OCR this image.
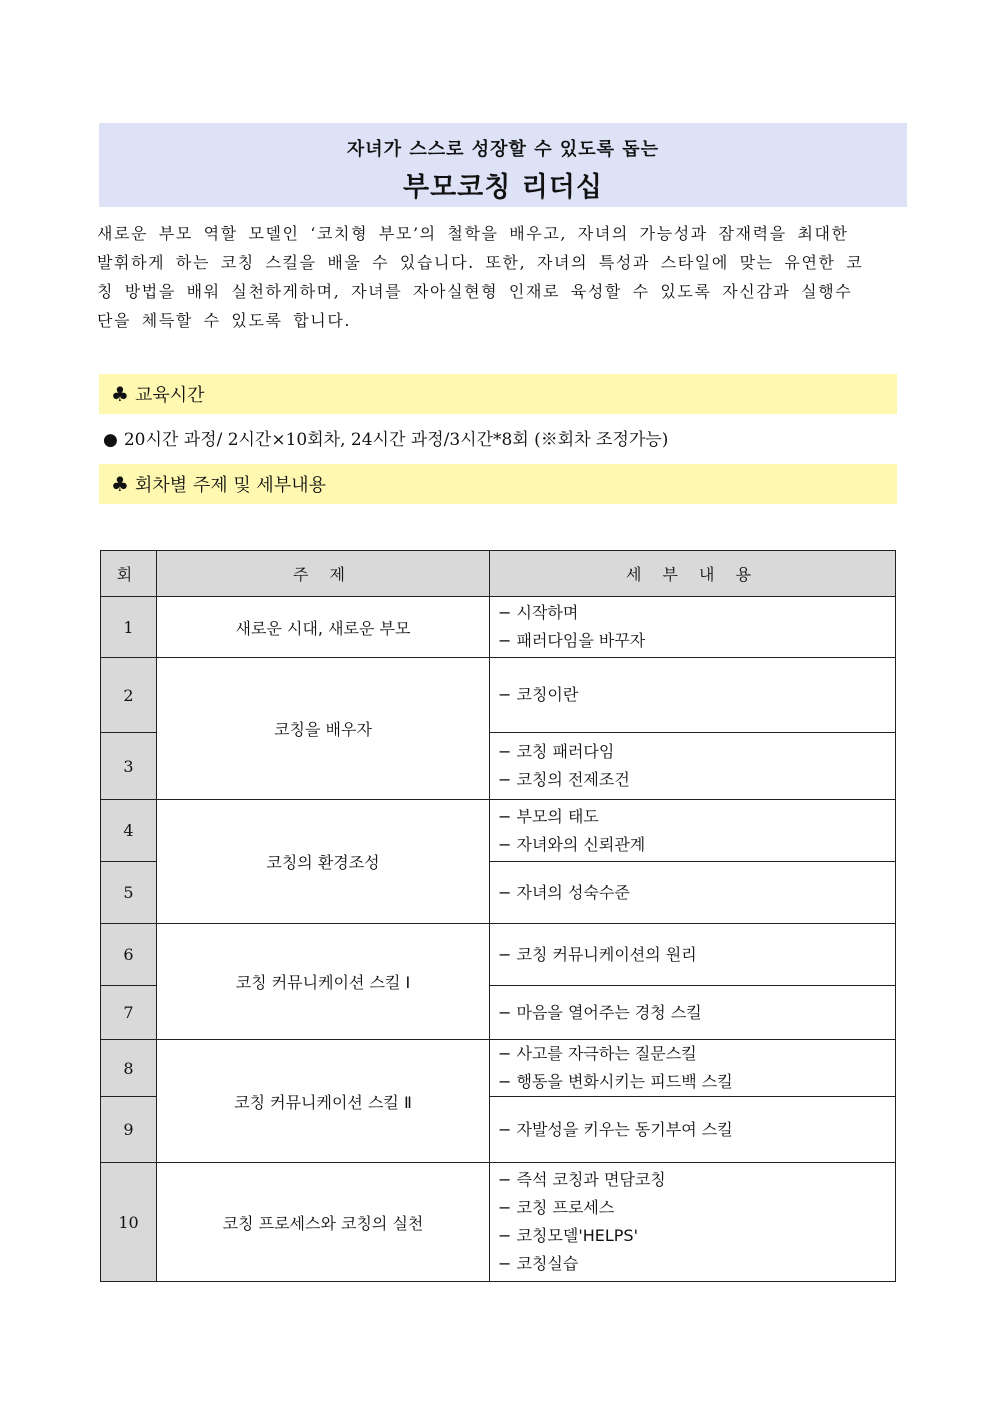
자녀가 스스로 성장할 수 있도록 돕는
부모코칭 리더십
새로운 부모 역할 모델인 ‘코치형 부모’의 철학을 배우고, 자녀의 가능성과 잠재력을 최대한
발휘하게 하는 코칭 스킬을 배울 수 있습니다. 또한, 자녀의 특성과 스타일에 맞는 유연한 코
칭 방법을 배워 실천하게하며, 자녀를 자아실현형 인재로 육성할 수 있도록 자신감과 실행수
단을 체득할 수 있도록 합니다.
♣ 교육시간
● 20시간 과정/ 2시간×10회차, 24시간 과정/3시간*8회 (※회차 조정가능)
♣ 회차별 주제 및 세부내용
회	주 제	세 부 내 용
1	새로운 시대, 새로운 부모	− 시작하며
− 패러다임을 바꾸자

2	코칭을 배우자	− 코칭이란

3		− 코칭 패러다임
− 코칭의 전제조건

4	코칭의 환경조성	− 부모의 태도
− 자녀와의 신뢰관계

5		− 자녀의 성숙수준

6	코칭 커뮤니케이션 스킬 Ⅰ	− 코칭 커뮤니케이션의 원리

7		− 마음을 열어주는 경청 스킬

8	코칭 커뮤니케이션 스킬 Ⅱ	− 사고를 자극하는 질문스킬
− 행동을 변화시키는 피드백 스킬

9		− 자발성을 키우는 동기부여 스킬

10	코칭 프로세스와 코칭의 실천	− 즉석 코칭과 면담코칭
− 코칭 프로세스
− 코칭모델'HELPS'
− 코칭실습
